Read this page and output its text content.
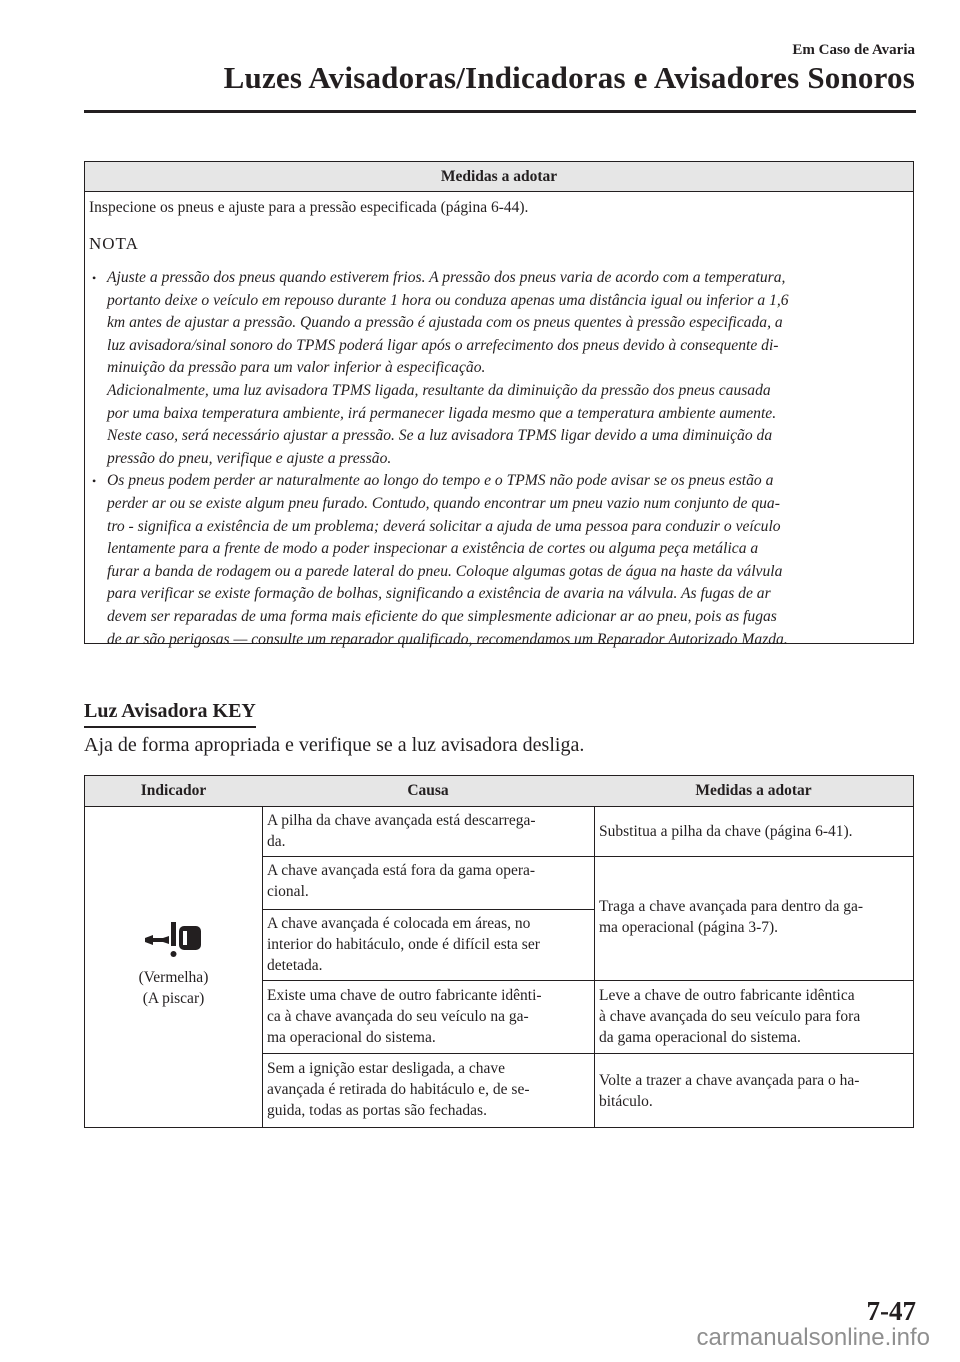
Em Caso de Avaria
Luzes Avisadoras/Indicadoras e Avisadores Sonoros
Medidas a adotar
Inspecione os pneus e ajuste para a pressão especificada (página 6-44).
NOTA
• Ajuste a pressão dos pneus quando estiverem frios. A pressão dos pneus varia de acordo com a temperatura,
portanto deixe o veículo em repouso durante 1 hora ou conduza apenas uma distância igual ou inferior a 1,6
km antes de ajustar a pressão. Quando a pressão é ajustada com os pneus quentes à pressão especificada, a
luz avisadora/sinal sonoro do TPMS poderá ligar após o arrefecimento dos pneus devido à consequente di-
minuição da pressão para um valor inferior à especificação.
Adicionalmente, uma luz avisadora TPMS ligada, resultante da diminuição da pressão dos pneus causada
por uma baixa temperatura ambiente, irá permanecer ligada mesmo que a temperatura ambiente aumente.
Neste caso, será necessário ajustar a pressão. Se a luz avisadora TPMS ligar devido a uma diminuição da
pressão do pneu, verifique e ajuste a pressão.
• Os pneus podem perder ar naturalmente ao longo do tempo e o TPMS não pode avisar se os pneus estão a
perder ar ou se existe algum pneu furado. Contudo, quando encontrar um pneu vazio num conjunto de qua-
tro - significa a existência de um problema; deverá solicitar a ajuda de uma pessoa para conduzir o veículo
lentamente para a frente de modo a poder inspecionar a existência de cortes ou alguma peça metálica a
furar a banda de rodagem ou a parede lateral do pneu. Coloque algumas gotas de água na haste da válvula
para verificar se existe formação de bolhas, significando a existência de avaria na válvula. As fugas de ar
devem ser reparadas de uma forma mais eficiente do que simplesmente adicionar ar ao pneu, pois as fugas
de ar são perigosas — consulte um reparador qualificado, recomendamos um Reparador Autorizado Mazda.
Luz Avisadora KEY
Aja de forma apropriada e verifique se a luz avisadora desliga.
Indicador	Causa	Medidas a adotar
(Vermelha)
(A piscar)
A pilha da chave avançada está descarrega-
da.
Substitua a pilha da chave (página 6-41).
A chave avançada está fora da gama opera-
cional.
Traga a chave avançada para dentro da ga-
ma operacional (página 3-7).
A chave avançada é colocada em áreas, no
interior do habitáculo, onde é difícil esta ser
detetada.
Existe uma chave de outro fabricante idênti-
ca à chave avançada do seu veículo na ga-
ma operacional do sistema.
Leve a chave de outro fabricante idêntica
à chave avançada do seu veículo para fora
da gama operacional do sistema.
Sem a ignição estar desligada, a chave
avançada é retirada do habitáculo e, de se-
guida, todas as portas são fechadas.
Volte a trazer a chave avançada para o ha-
bitáculo.
7-47
carmanualsonline.info
